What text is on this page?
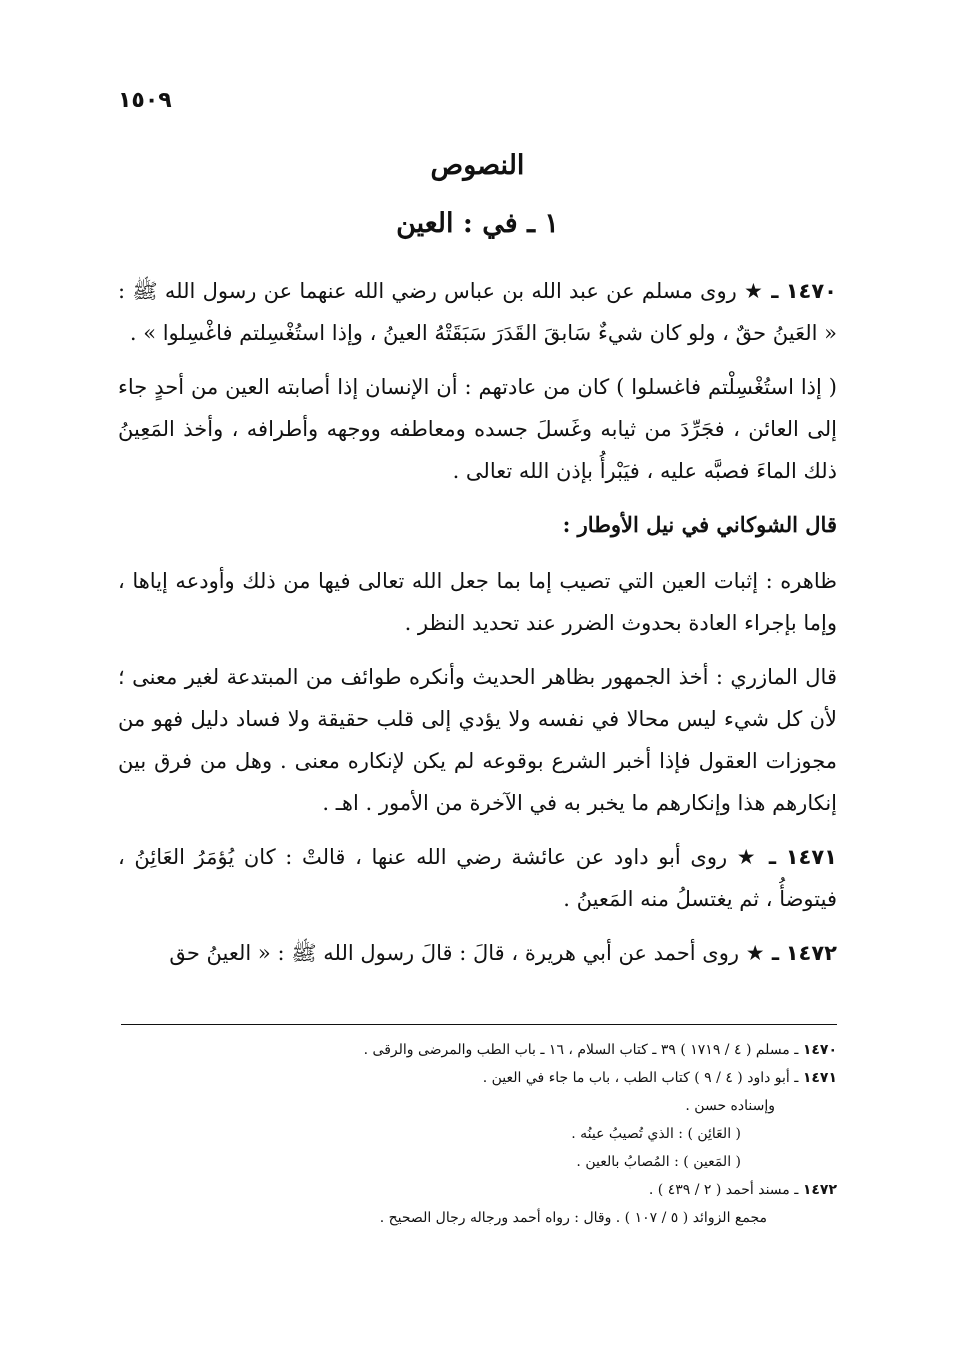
١٥٠٩
النصوص
١ ـ في : العين

١٤٧٠ ـ ★ روى مسلم عن عبد الله بن عباس رضي الله عنهما عن رسول الله ﷺ : « العَينُ حقٌ ، ولو كان شيءٌ سَابقَ القَدَرَ سَبَقَتْهُ العينُ ، وإذا استُغْسِلتم فاغْسِلوا » .

( إذا استُغْسِلْتم فاغسلوا ) كان من عادتهم : أن الإنسان إذا أصابته العين من أحدٍ جاء إلى العائن ، فجَرِّدَ من ثيابه وغَسلَ جسده ومعاطفه ووجهه وأطرافه ، وأخذ المَعِينُ ذلك الماءَ فصبَّه عليه ، فيَبْرأُ بإذن الله تعالى .

قال الشوكاني في نيل الأوطار :

ظاهره : إثبات العين التي تصيب إما بما جعل الله تعالى فيها من ذلك وأودعه إياها ، وإما بإجراء العادة بحدوث الضرر عند تحديد النظر .

قال المازري : أخذ الجمهور بظاهر الحديث وأنكره طوائف من المبتدعة لغير معنى ؛ لأن كل شيء ليس محالا في نفسه ولا يؤدي إلى قلب حقيقة ولا فساد دليل فهو من مجوزات العقول فإذا أخبر الشرع بوقوعه لم يكن لإنكاره معنى . وهل من فرق بين إنكارهم هذا وإنكارهم ما يخبر به في الآخرة من الأمور . اهـ .

١٤٧١ ـ ★ روى أبو داود عن عائشة رضي الله عنها ، قالتْ : كان يُؤمَرُ العَائِنُ ، فيتوضأُ ، ثم يغتسلُ منه المَعينُ .

١٤٧٢ ـ ★ روى أحمد عن أبي هريرة ، قالَ : قالَ رسول الله ﷺ : « العينُ حق

١٤٧٠ ـ مسلم ( ٤ / ١٧١٩ ) ٣٩ ـ كتاب السلام ، ١٦ ـ باب الطب والمرضى والرقى .

١٤٧١ ـ أبو داود ( ٤ / ٩ ) كتاب الطب ، باب ما جاء في العين .

وإسناده حسن .

( العَائِن ) : الذي تُصيبُ عينُه .

( المَعين ) : المُصابُ بالعين .

١٤٧٢ ـ مسند أحمد ( ٢ / ٤٣٩ ) .

مجمع الزوائد ( ٥ / ١٠٧ ) . وقال : رواه أحمد ورجاله رجال الصحيح .
